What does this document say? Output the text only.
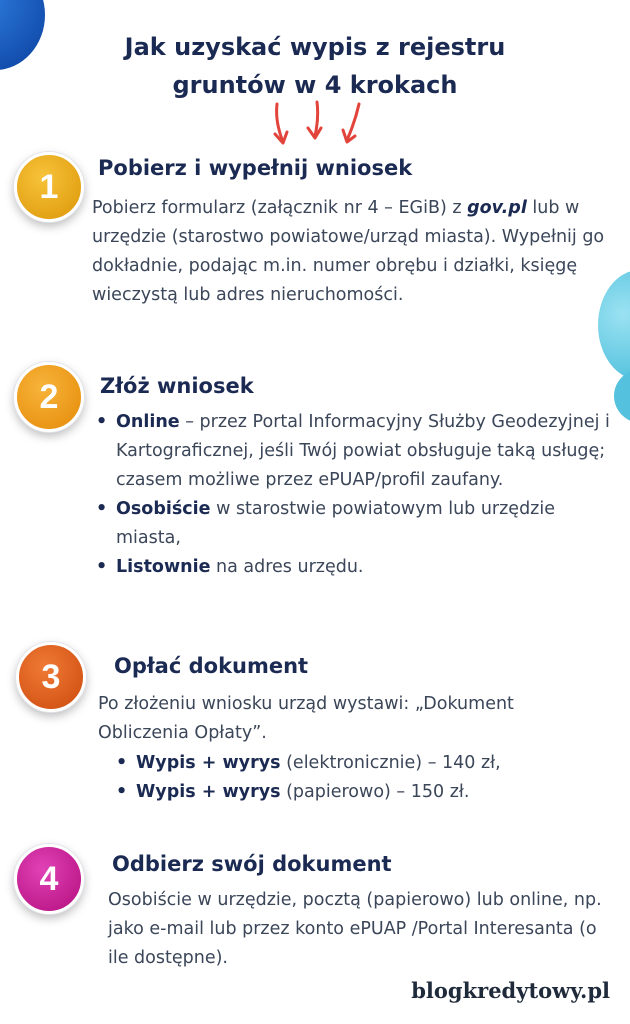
Jak uzyskać wypis z rejestru
gruntów w 4 krokach
1	Pobierz i wypełnij wniosek

Pobierz formularz (załącznik nr 4 – EGiB) z gov.pl lub w urzędzie (starostwo powiatowe/urząd miasta). Wypełnij go dokładnie, podając m.in. numer obrębu i działki, księgę wieczystą lub adres nieruchomości.

2	Złóż wniosek
• Online – przez Portal Informacyjny Służby Geodezyjnej i Kartograficznej, jeśli Twój powiat obsługuje taką usługę; czasem możliwe przez ePUAP/profil zaufany.
• Osobiście w starostwie powiatowym lub urzędzie miasta,
• Listownie na adres urzędu.
3	Opłać dokument

Po złożeniu wniosku urząd wystawi: „Dokument Obliczenia Opłaty”.

• Wypis + wyrys (elektronicznie) – 140 zł,
• Wypis + wyrys (papierowo) – 150 zł.
4	Odbierz swój dokument

Osobiście w urzędzie, pocztą (papierowo) lub online, np. jako e-mail lub przez konto ePUAP /Portal Interesanta (o ile dostępne).

blogkredytowy.pl
